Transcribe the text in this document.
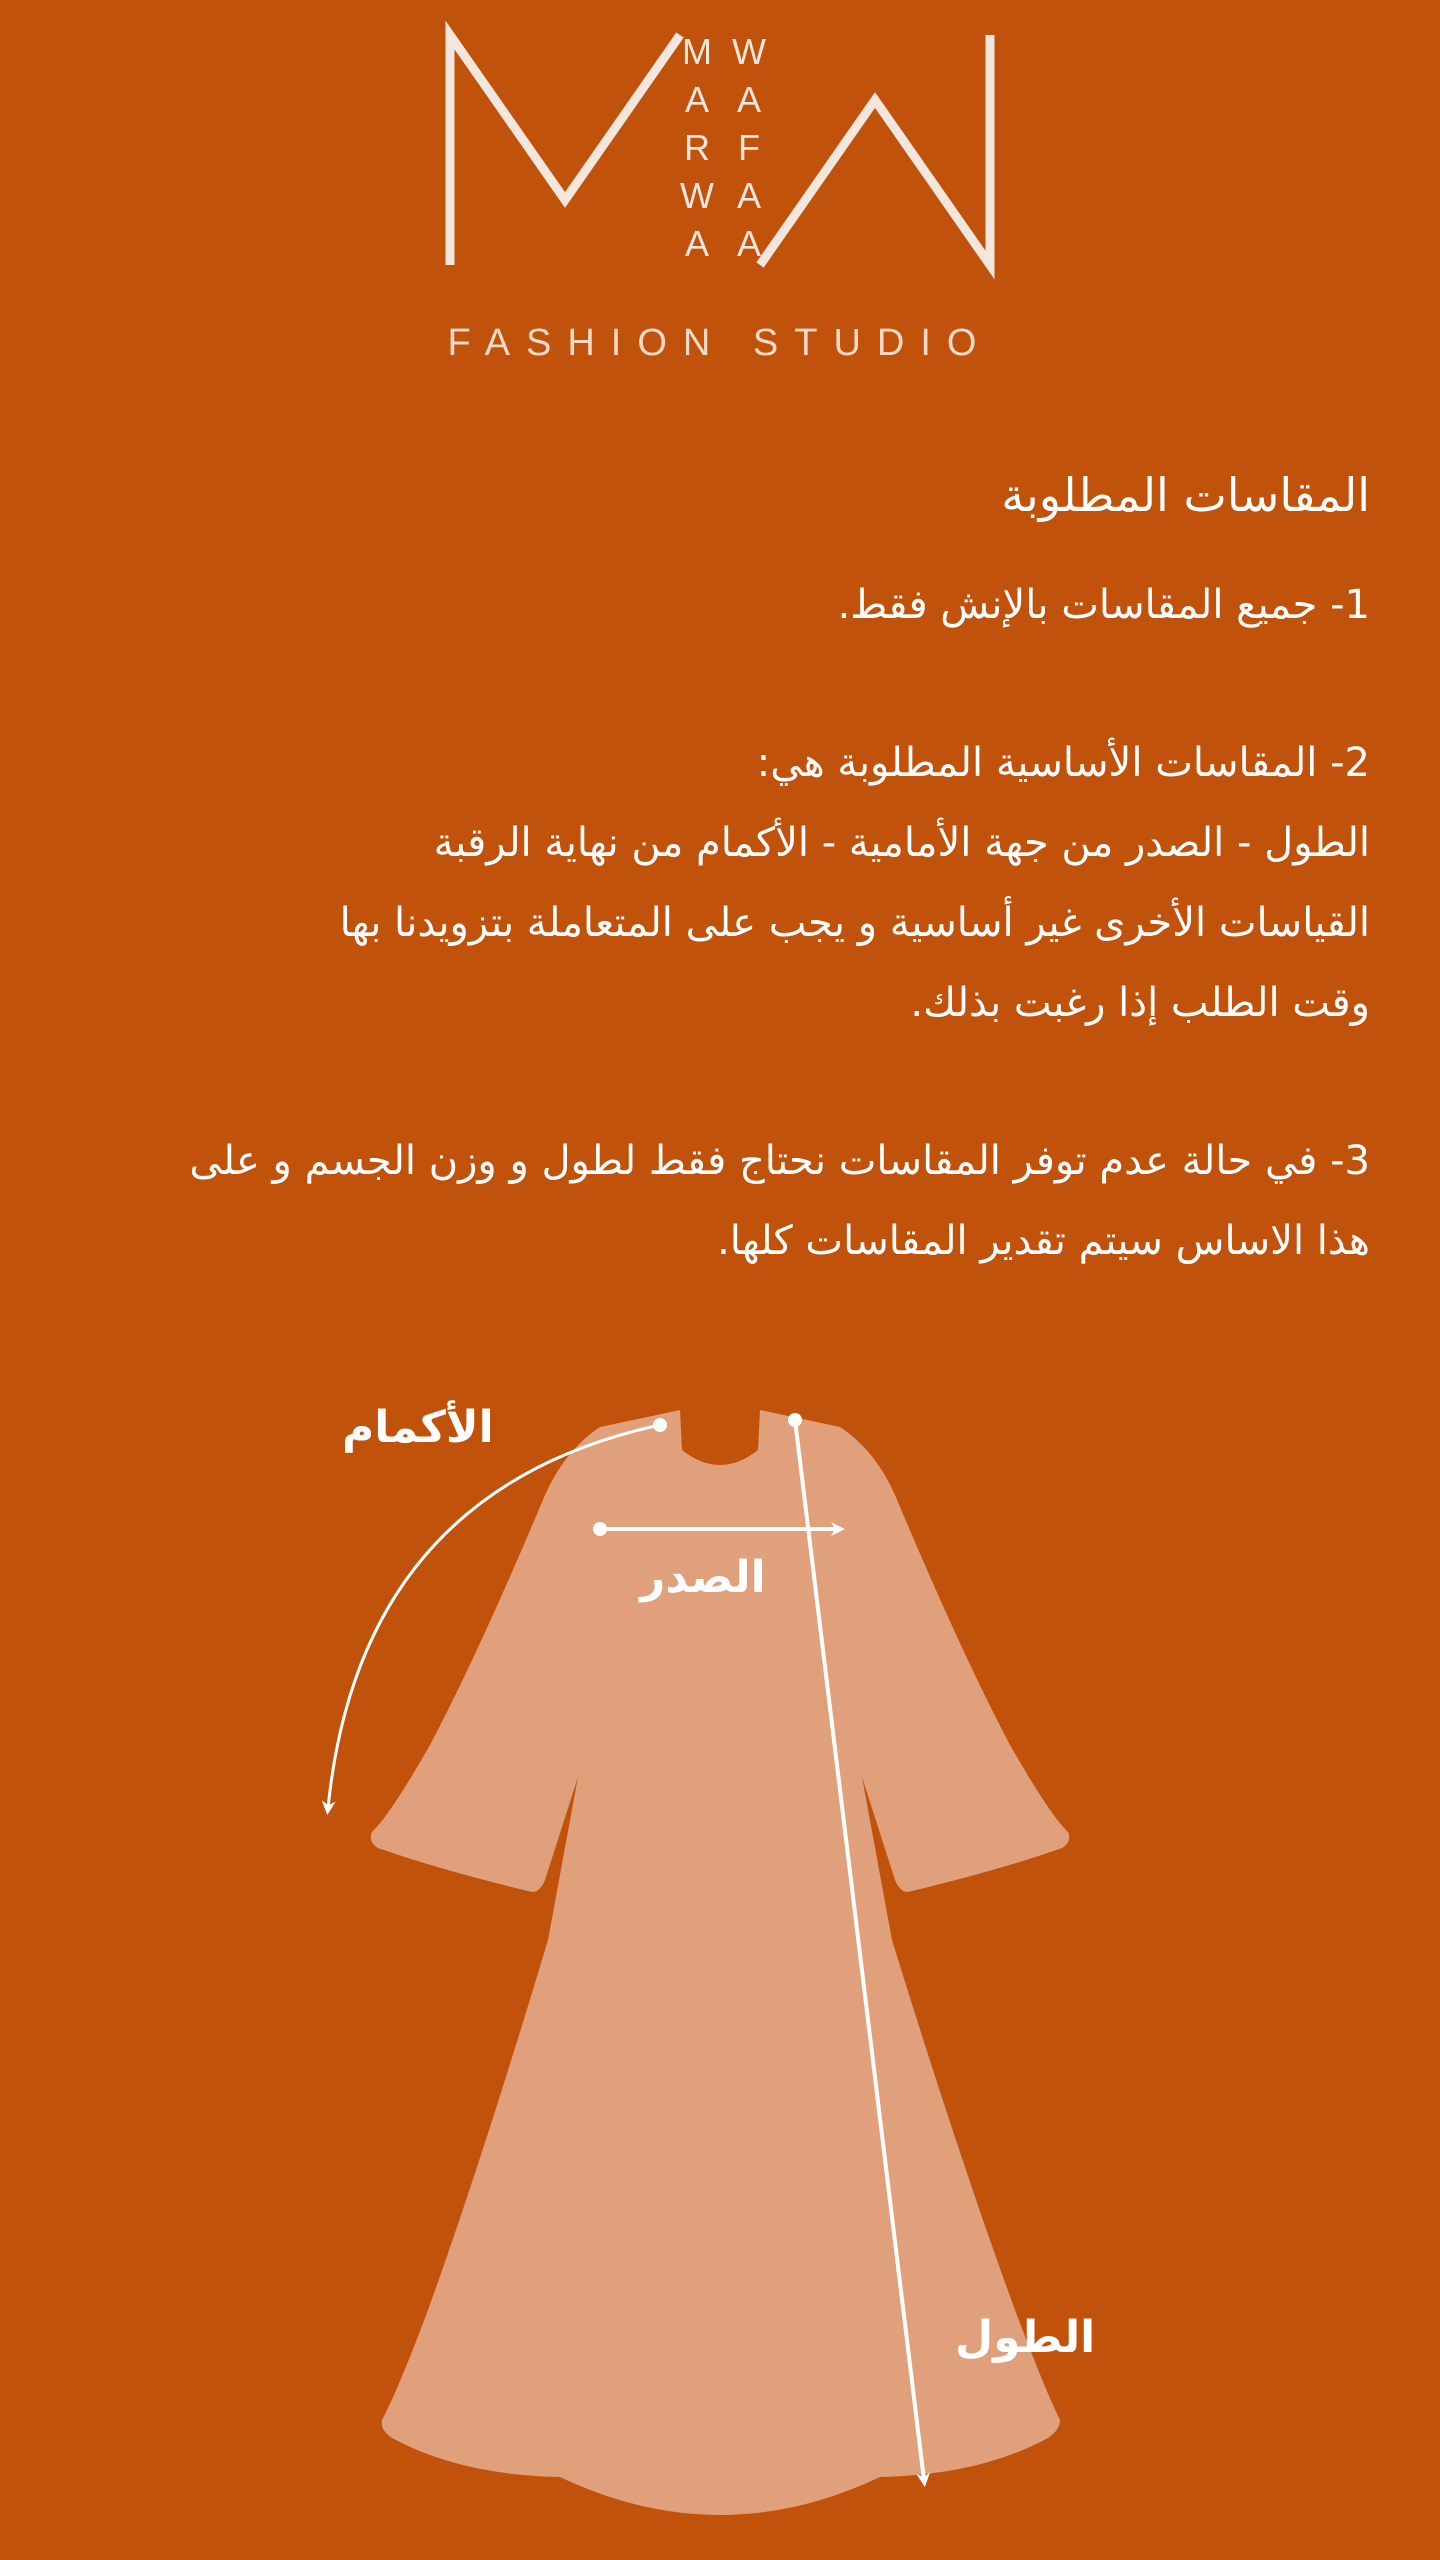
M
A
R
W
A
W
A
F
A
A
FASHION STUDIO
المقاسات المطلوبة

1- جميع المقاسات بالإنش فقط.

2- المقاسات الأساسية المطلوبة هي:

الطول - الصدر من جهة الأمامية - الأكمام من نهاية الرقبة

القياسات الأخرى غير أساسية و يجب على المتعاملة بتزويدنا بها

وقت الطلب إذا رغبت بذلك.

3- في حالة عدم توفر المقاسات نحتاج فقط لطول و وزن الجسم و على

هذا الاساس سيتم تقدير المقاسات كلها.

الأكمام
الصدر
الطول
